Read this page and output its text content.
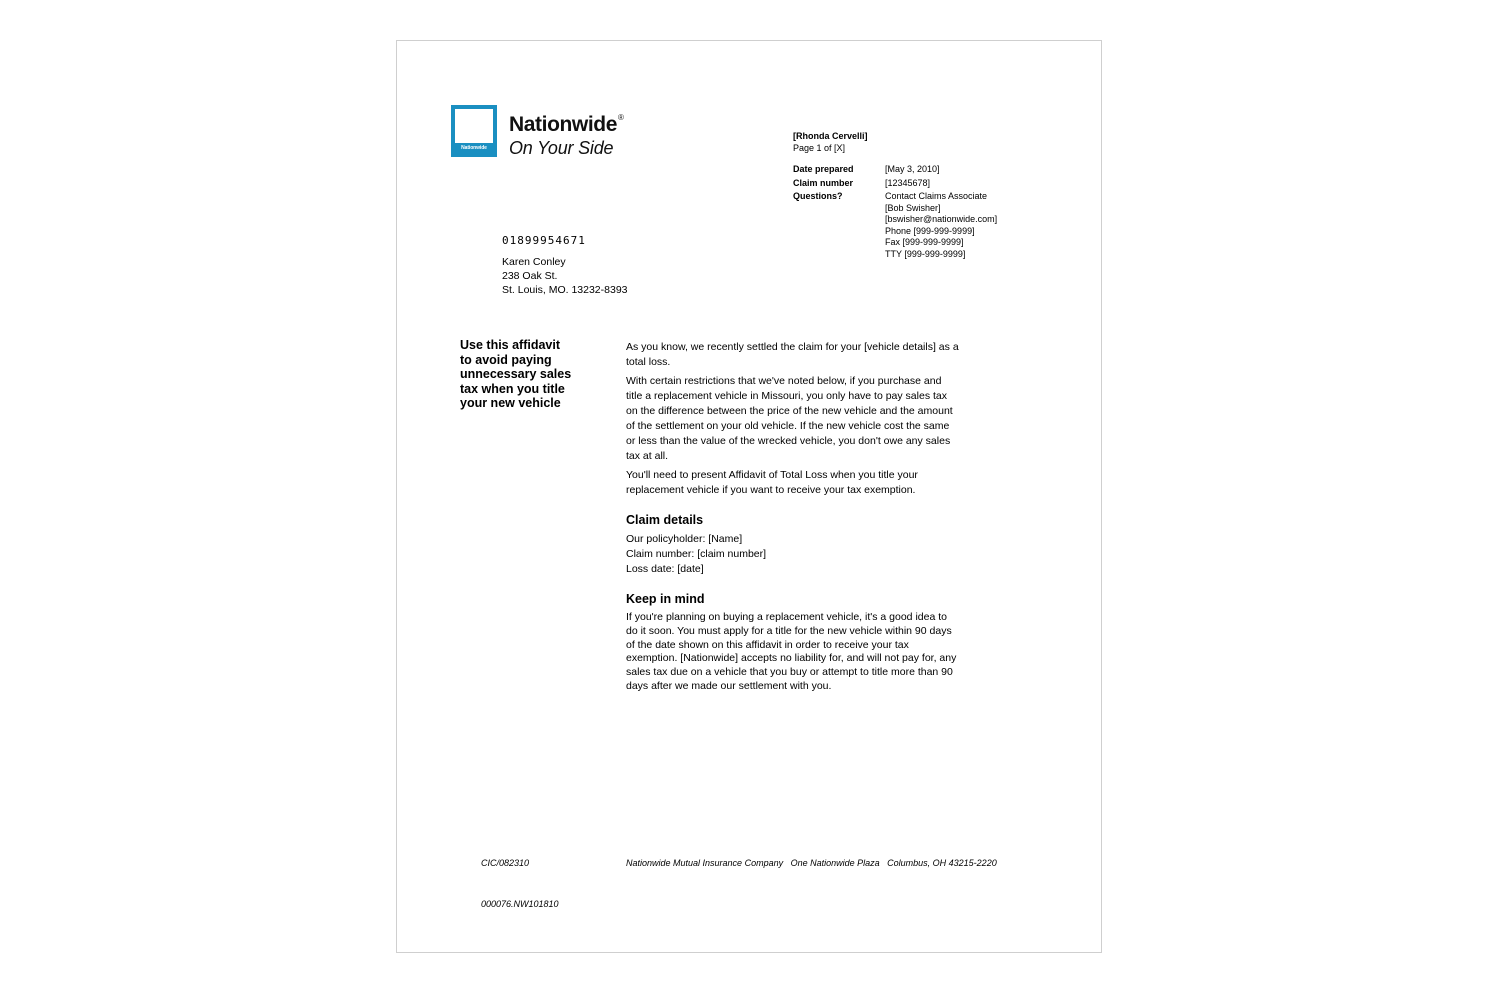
Nationwide
Nationwide®
On Your Side
[Rhonda Cervelli]
Page 1 of [X]
Date prepared	[May 3, 2010]
Claim number	[12345678]
Questions?	Contact Claims Associate
[Bob Swisher]
[bswisher@nationwide.com]
Phone [999-999-9999]
Fax [999-999-9999]
TTY [999-999-9999]
01899954671
Karen Conley
238 Oak St.
St. Louis, MO. 13232-8393
Use this affidavit
to avoid paying
unnecessary sales
tax when you title
your new vehicle

As you know, we recently settled the claim for your [vehicle details] as a
total loss.

With certain restrictions that we've noted below, if you purchase and
title a replacement vehicle in Missouri, you only have to pay sales tax
on the difference between the price of the new vehicle and the amount
of the settlement on your old vehicle. If the new vehicle cost the same
or less than the value of the wrecked vehicle, you don't owe any sales
tax at all.

You'll need to present Affidavit of Total Loss when you title your
replacement vehicle if you want to receive your tax exemption.

Claim details
Our policyholder: [Name]
Claim number: [claim number]
Loss date: [date]
Keep in mind
If you're planning on buying a replacement vehicle, it's a good idea to
do it soon. You must apply for a title for the new vehicle within 90 days
of the date shown on this affidavit in order to receive your tax
exemption. [Nationwide] accepts no liability for, and will not pay for, any
sales tax due on a vehicle that you buy or attempt to title more than 90
days after we made our settlement with you.
CIC/082310	Nationwide Mutual Insurance Company   One Nationwide Plaza   Columbus, OH 43215-2220
000076.NW101810
